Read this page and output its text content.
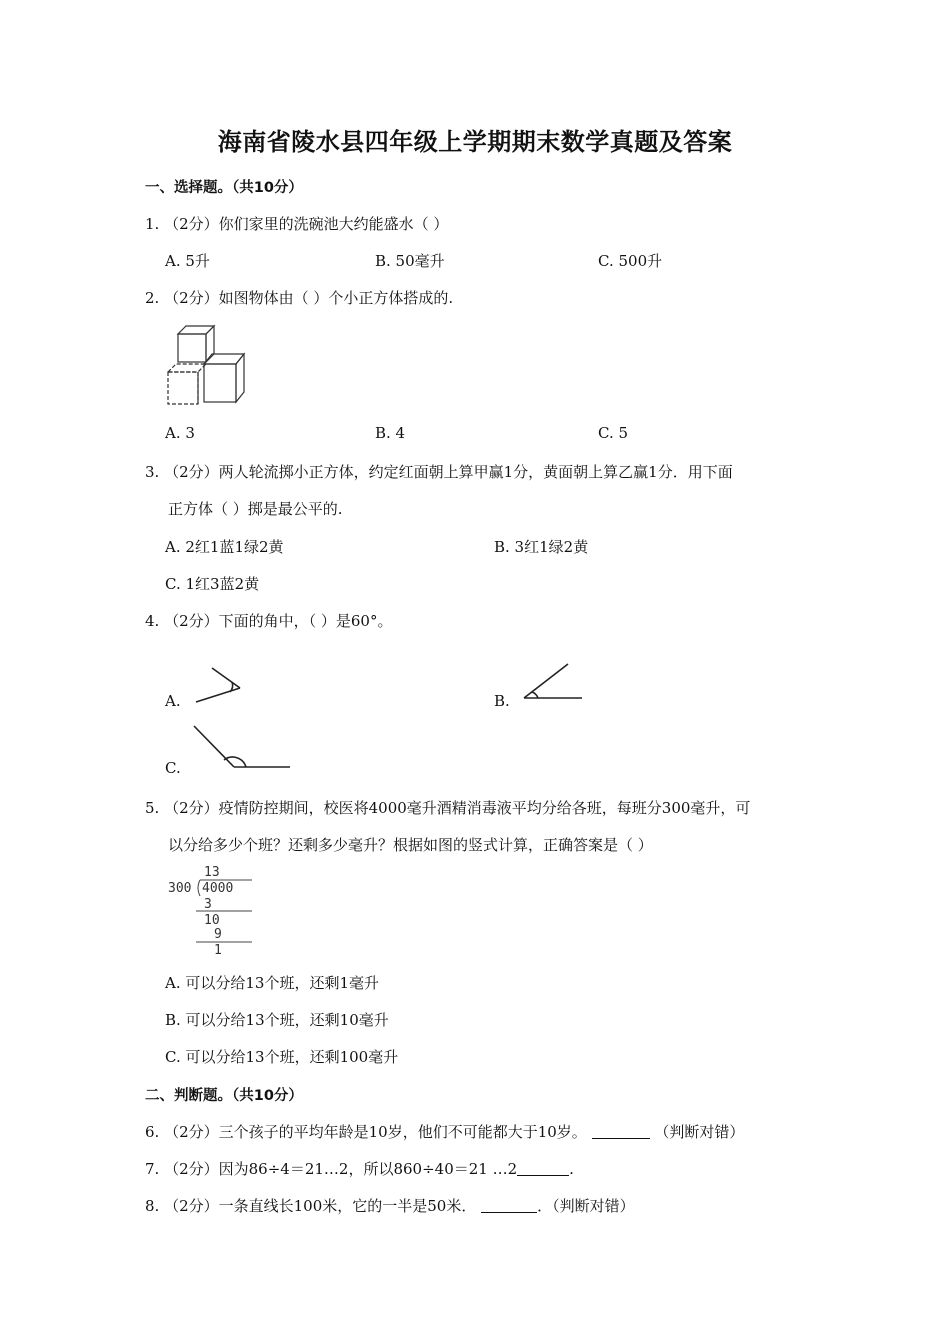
海南省陵水县四年级上学期期末数学真题及答案
一、选择题。（共10分）
1. （2分）你们家里的洗碗池大约能盛水（ ）
A. 5升	B. 50毫升	C. 500升
2. （2分）如图物体由（ ）个小正方体搭成的.
A. 3	B. 4	C. 5
3. （2分）两人轮流掷小正方体，约定红面朝上算甲赢1分，黄面朝上算乙赢1分．用下面
正方体（ ）掷是最公平的.
A. 2红1蓝1绿2黄	B. 3红1绿2黄
C. 1红3蓝2黄
4. （2分）下面的角中，（ ）是60°。
A.	B.
C.
5. （2分）疫情防控期间，校医将4000毫升酒精消毒液平均分给各班，每班分300毫升，可
以分给多少个班？还剩多少毫升？根据如图的竖式计算，正确答案是（ ）
13
300 4000
3
10
9
1
A. 可以分给13个班，还剩1毫升
B. 可以分给13个班，还剩10毫升
C. 可以分给13个班，还剩100毫升
二、判断题。（共10分）
6. （2分）三个孩子的平均年龄是10岁，他们不可能都大于10岁。	（判断对错）
7. （2分）因为86÷4＝21…2，所以860÷40＝21 …2	.
8. （2分）一条直线长100米，它的一半是50米．	．（判断对错）
